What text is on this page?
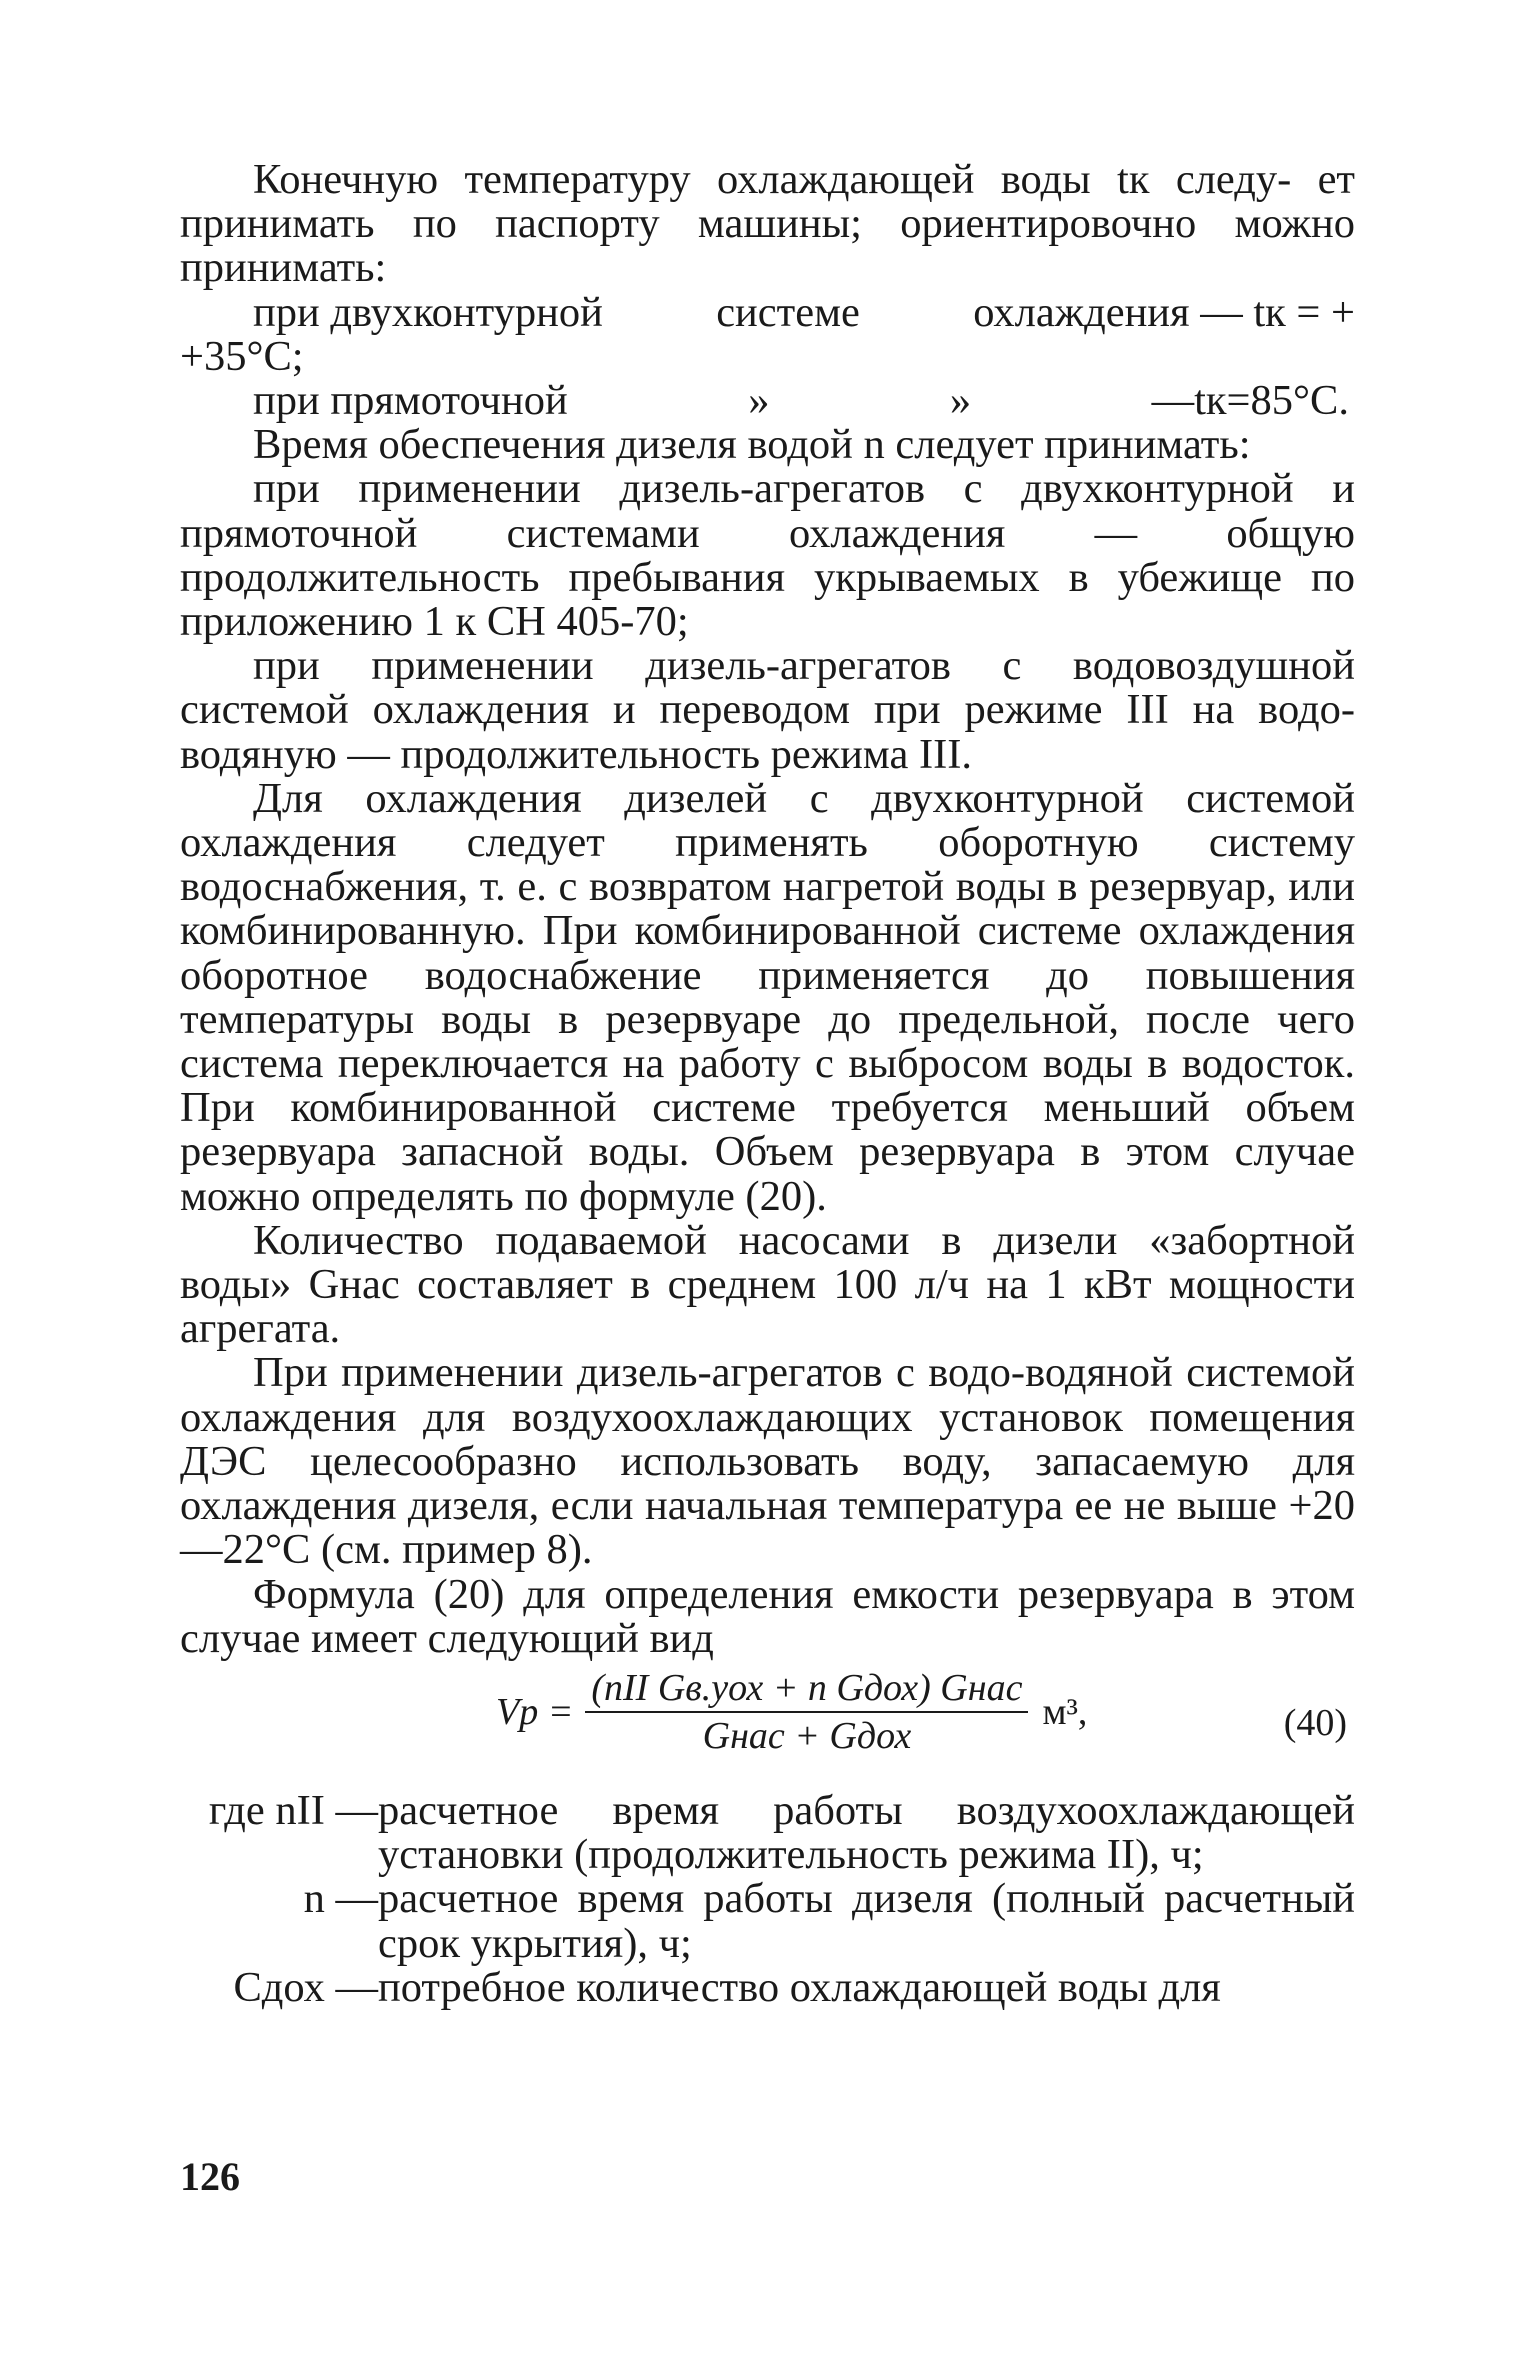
Конечную температуру охлаждающей воды tк следу- ет принимать по паспорту машины; ориентировочно можно принимать:

при двухконтурной	системе	охлаждения — tк = +
+35°С;
при прямоточной	»	»	—tк=85°С.

Время обеспечения дизеля водой n следует принимать:

при применении дизель-агрегатов с двухконтурной и прямоточной системами охлаждения — общую продолжительность пребывания укрываемых в убежище по приложению 1 к СН 405-70;

при применении дизель-агрегатов с водовоздушной системой охлаждения и переводом при режиме III на водо-водяную — продолжительность режима III.

Для охлаждения дизелей с двухконтурной системой охлаждения следует применять оборотную систему водоснабжения, т. е. с возвратом нагретой воды в резервуар, или комбинированную. При комбинированной системе охлаждения оборотное водоснабжение применяется до повышения температуры воды в резервуаре до предельной, после чего система переключается на работу с выбросом воды в водосток. При комбинированной системе требуется меньший объем резервуара запасной воды. Объем резервуара в этом случае можно определять по формуле (20).

Количество подаваемой насосами в дизели «забортной воды» Gнас составляет в среднем 100 л/ч на 1 кВт мощности агрегата.

При применении дизель-агрегатов с водо-водяной системой охлаждения для воздухоохлаждающих установок помещения ДЭС целесообразно использовать воду, запасаемую для охлаждения дизеля, если начальная температура ее не выше +20—22°С (см. пример 8).

Формула (20) для определения емкости резервуара в этом случае имеет следующий вид

Vр = $\frac{\text{(nII Gв.уох + n Gдох) Gнас}}{\text{Gнас + Gдох}} м^3$,	(40)
где nII — расчетное время работы воздухоохлаждающей установки (продолжительность режима II), ч;
n — расчетное время работы дизеля (полный расчетный срок укрытия), ч;
Cдох — потребное количество охлаждающей воды для
126
